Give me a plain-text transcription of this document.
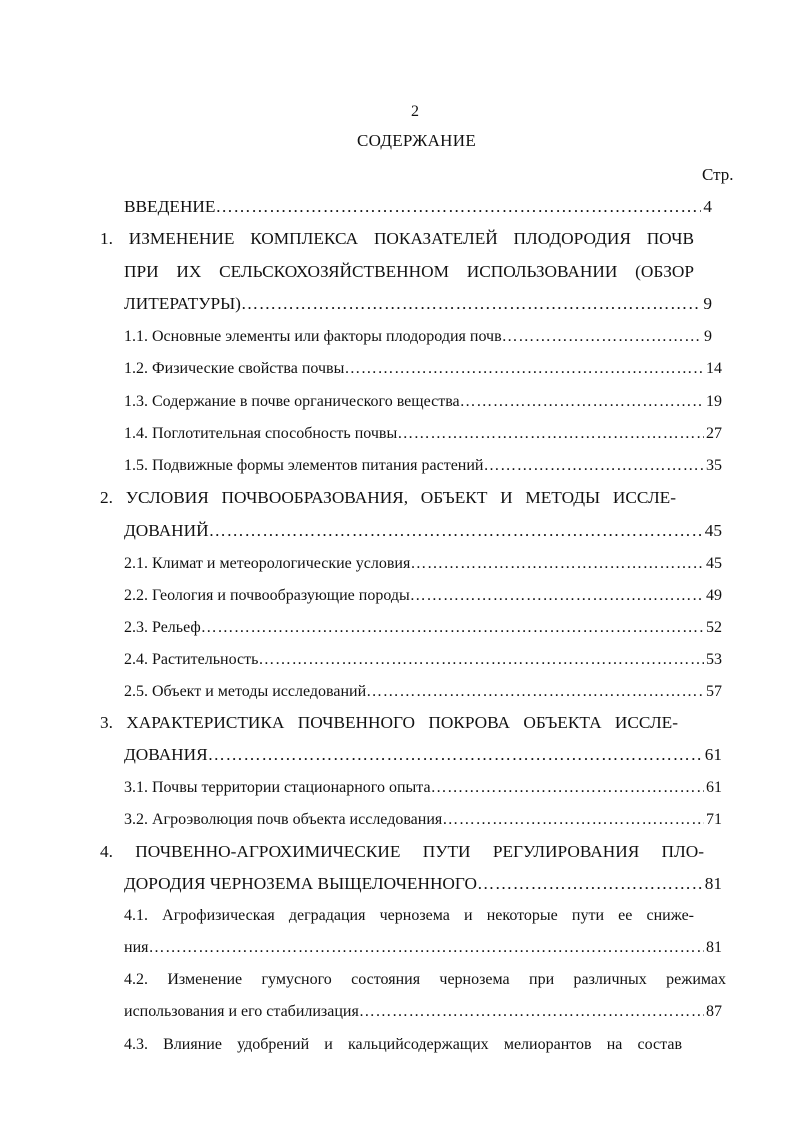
2
СОДЕРЖАНИЕ
Стр.
ВВЕДЕНИЕ …………………………………………………………………………………………………………………………………………………………………	4
1. ИЗМЕНЕНИЕ КОМПЛЕКСА ПОКАЗАТЕЛЕЙ ПЛОДОРОДИЯ ПОЧВ
ПРИ ИХ СЕЛЬСКОХОЗЯЙСТВЕННОМ ИСПОЛЬЗОВАНИИ (ОБЗОР
ЛИТЕРАТУРЫ) …………………………………………………………………………………………………………………………………………………………………	9
1.1. Основные элементы или факторы плодородия почв …………………………………………………………………………………………………………………………………………………………………	9
1.2. Физические свойства почвы …………………………………………………………………………………………………………………………………………………………………	14
1.3. Содержание в почве органического вещества …………………………………………………………………………………………………………………………………………………………………	19
1.4. Поглотительная способность почвы …………………………………………………………………………………………………………………………………………………………………	27
1.5. Подвижные формы элементов питания растений …………………………………………………………………………………………………………………………………………………………………	35
2. УСЛОВИЯ ПОЧВООБРАЗОВАНИЯ, ОБЪЕКТ И МЕТОДЫ ИССЛЕ-
ДОВАНИЙ …………………………………………………………………………………………………………………………………………………………………	45
2.1. Климат и метеорологические условия …………………………………………………………………………………………………………………………………………………………………	45
2.2. Геология и почвообразующие породы …………………………………………………………………………………………………………………………………………………………………	49
2.3. Рельеф …………………………………………………………………………………………………………………………………………………………………	52
2.4. Растительность …………………………………………………………………………………………………………………………………………………………………	53
2.5. Объект и методы исследований …………………………………………………………………………………………………………………………………………………………………	57
3. ХАРАКТЕРИСТИКА ПОЧВЕННОГО ПОКРОВА ОБЪЕКТА ИССЛЕ-
ДОВАНИЯ …………………………………………………………………………………………………………………………………………………………………	61
3.1. Почвы территории стационарного опыта …………………………………………………………………………………………………………………………………………………………………	61
3.2. Агроэволюция почв объекта исследования …………………………………………………………………………………………………………………………………………………………………	71
4. ПОЧВЕННО-АГРОХИМИЧЕСКИЕ ПУТИ РЕГУЛИРОВАНИЯ ПЛО-
ДОРОДИЯ ЧЕРНОЗЕМА ВЫЩЕЛОЧЕННОГО …………………………………………………………………………………………………………………………………………………………………	81
4.1. Агрофизическая деградация чернозема и некоторые пути ее сниже-
ния …………………………………………………………………………………………………………………………………………………………………	81
4.2. Изменение гумусного состояния чернозема при различных режимах
использования и его стабилизация …………………………………………………………………………………………………………………………………………………………………	87
4.3. Влияние удобрений и кальцийсодержащих мелиорантов на состав
